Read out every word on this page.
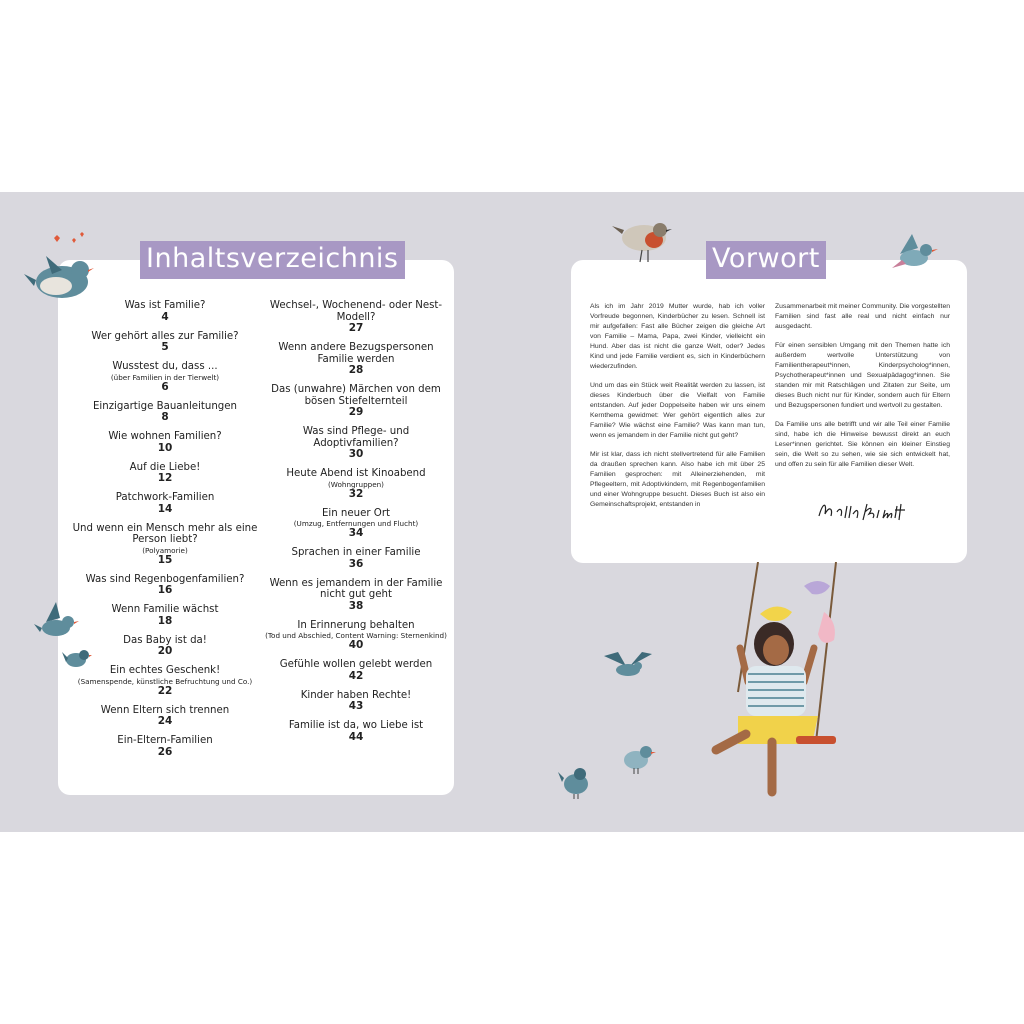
Inhaltsverzeichnis
Was ist Familie?
4
Wer gehört alles zur Familie?
5
Wusstest du, dass ...
(über Familien in der Tierwelt)
6
Einzigartige Bauanleitungen
8
Wie wohnen Familien?
10
Auf die Liebe!
12
Patchwork-Familien
14
Und wenn ein Mensch mehr als eine Person liebt?
(Polyamorie)
15
Was sind Regenbogenfamilien?
16
Wenn Familie wächst
18
Das Baby ist da!
20
Ein echtes Geschenk!
(Samenspende, künstliche Befruchtung und Co.)
22
Wenn Eltern sich trennen
24
Ein-Eltern-Familien
26
Wechsel-, Wochenend- oder Nest-Modell?
27
Wenn andere Bezugspersonen Familie werden
28
Das (unwahre) Märchen von dem bösen Stiefelternteil
29
Was sind Pflege- und Adoptivfamilien?
30
Heute Abend ist Kinoabend
(Wohngruppen)
32
Ein neuer Ort
(Umzug, Entfernungen und Flucht)
34
Sprachen in einer Familie
36
Wenn es jemandem in der Familie nicht gut geht
38
In Erinnerung behalten
(Tod und Abschied, Content Warning: Sternenkind)
40
Gefühle wollen gelebt werden
42
Kinder haben Rechte!
43
Familie ist da, wo Liebe ist
44
Vorwort

Als ich im Jahr 2019 Mutter wurde, hab ich voller Vorfreude begonnen, Kinderbücher zu lesen. Schnell ist mir aufgefallen: Fast alle Bücher zeigen die gleiche Art von Familie – Mama, Papa, zwei Kinder, vielleicht ein Hund. Aber das ist nicht die ganze Welt, oder? Jedes Kind und jede Familie verdient es, sich in Kinderbüchern wiederzufinden.

Und um das ein Stück weit Realität werden zu lassen, ist dieses Kinderbuch über die Vielfalt von Familie entstanden. Auf jeder Doppelseite haben wir uns einem Kernthema gewidmet: Wer gehört eigentlich alles zur Familie? Wie wächst eine Familie? Was kann man tun, wenn es jemandem in der Familie nicht gut geht?

Mir ist klar, dass ich nicht stellvertretend für alle Familien da draußen sprechen kann. Also habe ich mit über 25 Familien gesprochen: mit Alleinerziehenden, mit Pflegeeltern, mit Adoptivkindern, mit Regenbogenfamilien und einer Wohngruppe besucht. Dieses Buch ist also ein Gemeinschaftsprojekt, entstanden in

Zusammenarbeit mit meiner Community. Die vorgestellten Familien sind fast alle real und nicht einfach nur ausgedacht.

Für einen sensiblen Umgang mit den Themen hatte ich außerdem wertvolle Unterstützung von Familientherapeut*innen, Kinderpsycholog*innen, Psychotherapeut*innen und Sexualpädagog*innen. Sie standen mir mit Ratschlägen und Zitaten zur Seite, um dieses Buch nicht nur für Kinder, sondern auch für Eltern und Bezugspersonen fundiert und wertvoll zu gestalten.

Da Familie uns alle betrifft und wir alle Teil einer Familie sind, habe ich die Hinweise bewusst direkt an euch Leser*innen gerichtet. Sie können ein kleiner Einstieg sein, die Welt so zu sehen, wie sie sich entwickelt hat, und offen zu sein für alle Familien dieser Welt.
